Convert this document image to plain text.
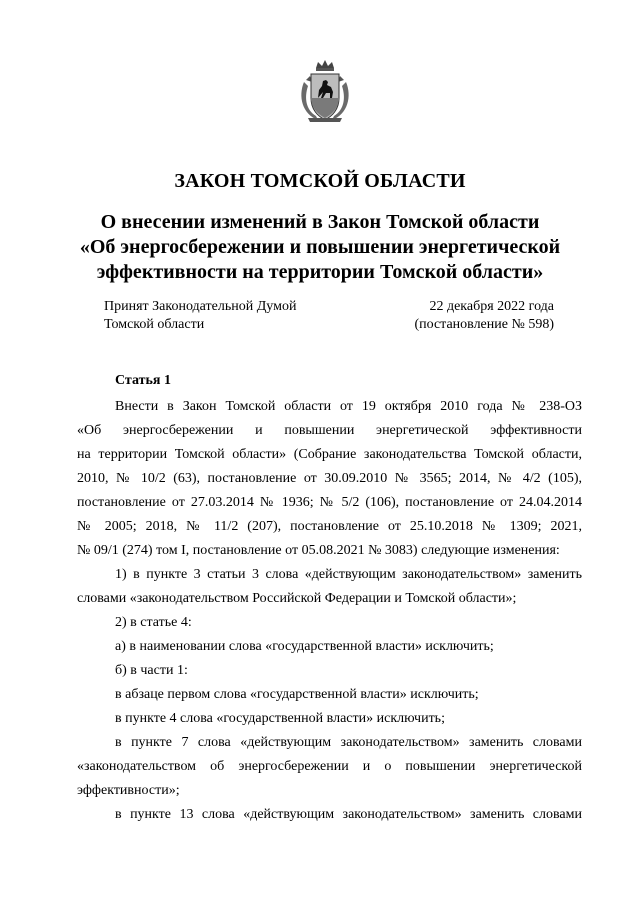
ЗАКОН ТОМСКОЙ ОБЛАСТИ
О внесении изменений в Закон Томской области
«Об энергосбережении и повышении энергетической
эффективности на территории Томской области»
Принят Законодательной Думой
Томской области
22 декабря 2022 года
(постановление № 598)
Статья 1
Внести в Закон Томской области от 19 октября 2010 года № 238-ОЗ
«Об энергосбережении и повышении энергетической эффективности
на территории Томской области» (Собрание законодательства Томской области,
2010, № 10/2 (63), постановление от 30.09.2010 № 3565; 2014, № 4/2 (105),
постановление от 27.03.2014 № 1936; № 5/2 (106), постановление от 24.04.2014
№ 2005; 2018, № 11/2 (207), постановление от 25.10.2018 № 1309; 2021,
№ 09/1 (274) том I, постановление от 05.08.2021 № 3083) следующие изменения:
1) в пункте 3 статьи 3 слова «действующим законодательством» заменить
словами «законодательством Российской Федерации и Томской области»;
2) в статье 4:
а) в наименовании слова «государственной власти» исключить;
б) в части 1:
в абзаце первом слова «государственной власти» исключить;
в пункте 4 слова «государственной власти» исключить;
в пункте 7 слова «действующим законодательством» заменить словами
«законодательством об энергосбережении и о повышении энергетической
эффективности»;
в пункте 13 слова «действующим законодательством» заменить словами
